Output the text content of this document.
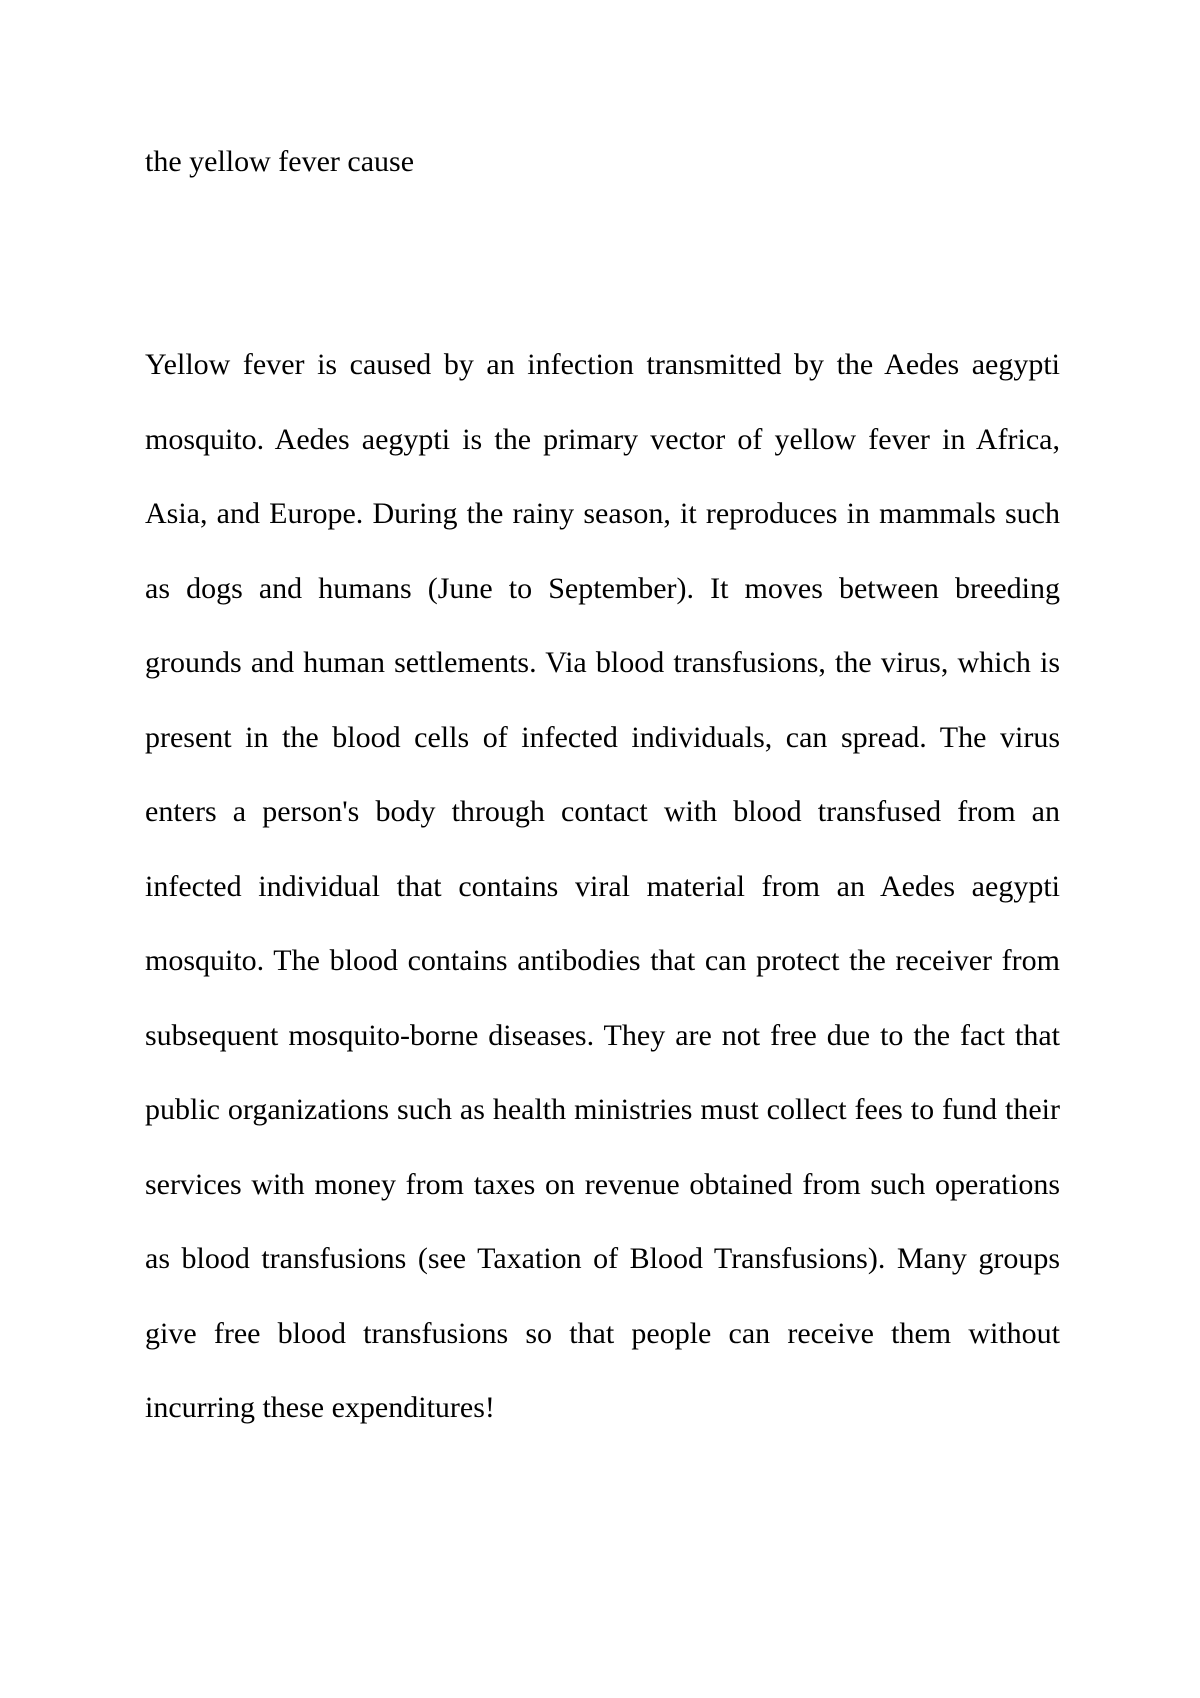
the yellow fever cause

Yellow fever is caused by an infection transmitted by the Aedes aegypti mosquito. Aedes aegypti is the primary vector of yellow fever in Africa, Asia, and Europe. During the rainy season, it reproduces in mammals such as dogs and humans (June to September). It moves between breeding grounds and human settlements. Via blood transfusions, the virus, which is present in the blood cells of infected individuals, can spread. The virus enters a person's body through contact with blood transfused from an infected individual that contains viral material from an Aedes aegypti mosquito. The blood contains antibodies that can protect the receiver from subsequent mosquito-borne diseases. They are not free due to the fact that public organizations such as health ministries must collect fees to fund their services with money from taxes on revenue obtained from such operations as blood transfusions (see Taxation of Blood Transfusions). Many groups give free blood transfusions so that people can receive them without incurring these expenditures!
